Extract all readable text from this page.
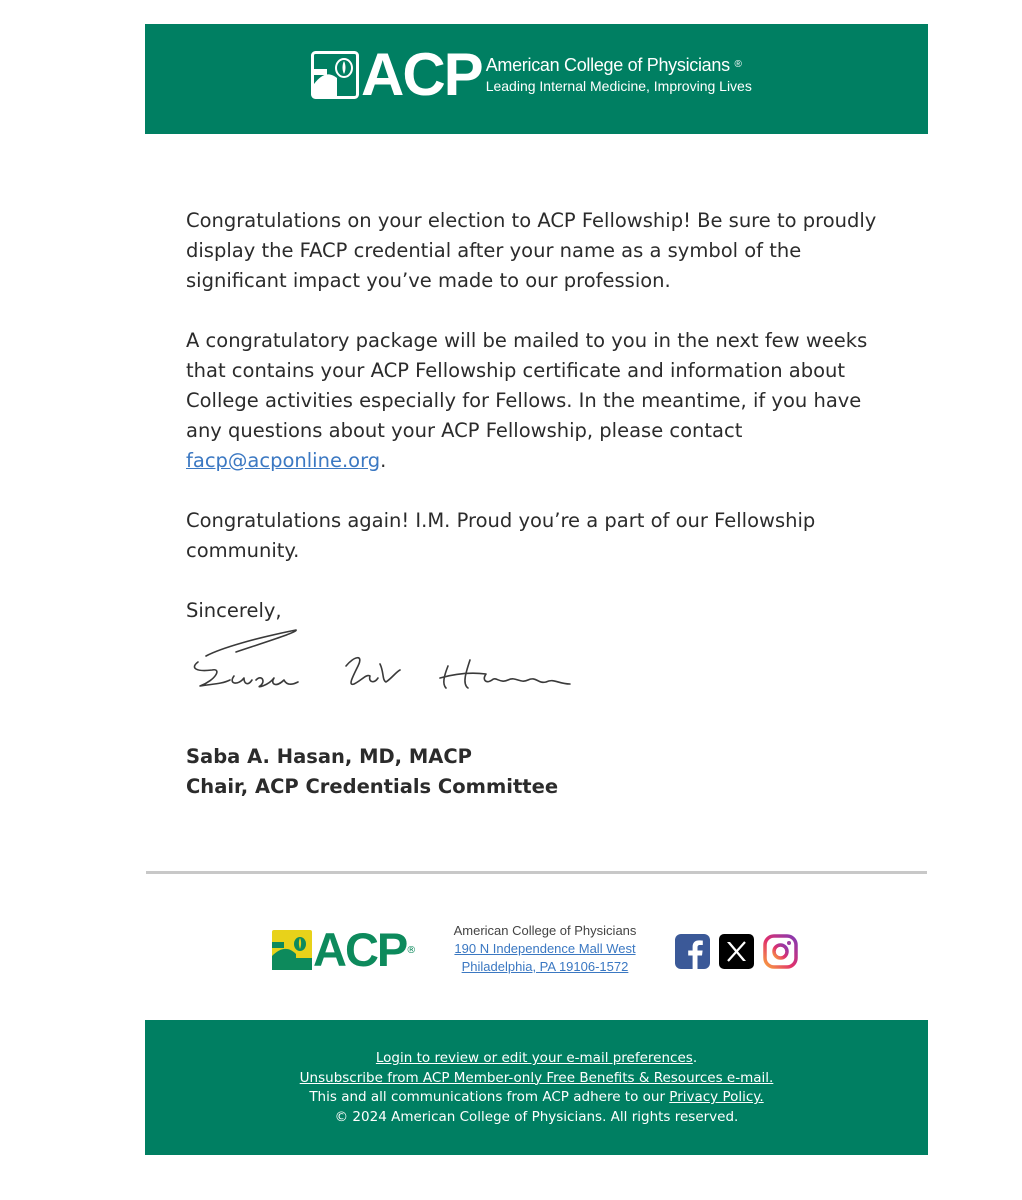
ACP American College of Physicians ®
Leading Internal Medicine, Improving Lives

Congratulations on your election to ACP Fellowship! Be sure to proudly display the FACP credential after your name as a symbol of the significant impact you’ve made to our profession.

A congratulatory package will be mailed to you in the next few weeks that contains your ACP Fellowship certificate and information about College activities especially for Fellows. In the meantime, if you have any questions about your ACP Fellowship, please contact facp@acponline.org.

Congratulations again! I.M. Proud you’re a part of our Fellowship community.

Sincerely,
Saba A. Hasan, MD, MACP
Chair, ACP Credentials Committee
ACP ®
American College of Physicians
190 N Independence Mall West
Philadelphia, PA 19106-1572
Login to review or edit your e-mail preferences.
Unsubscribe from ACP Member-only Free Benefits & Resources e-mail.
This and all communications from ACP adhere to our Privacy Policy.
© 2024 American College of Physicians. All rights reserved.
